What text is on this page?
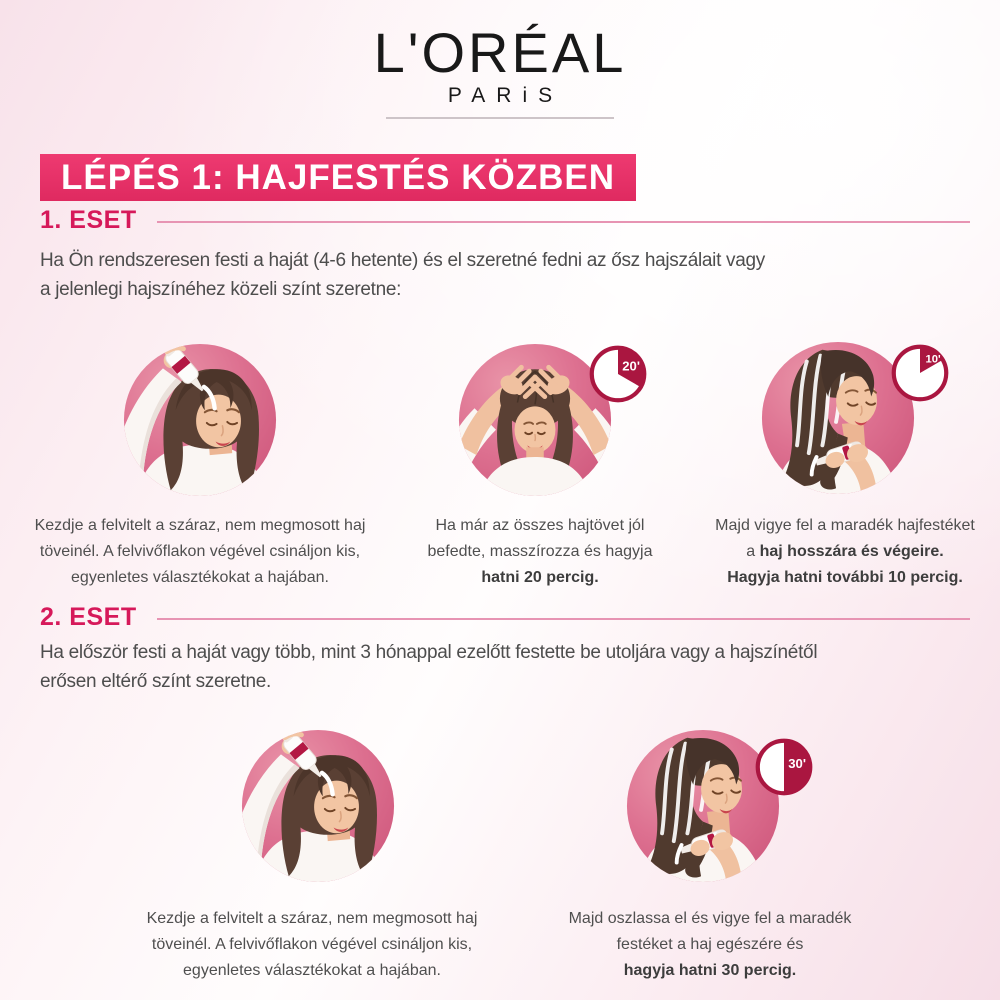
L'ORÉAL
PARiS
LÉPÉS 1: HAJFESTÉS KÖZBEN
1. ESET
Ha Ön rendszeresen festi a haját (4-6 hetente) és el szeretné fedni az ősz hajszálait vagy
a jelenlegi hajszínéhez közeli színt szeretne:
20'	10'
Kezdje a felvitelt a száraz, nem megmosott haj
töveinél. A felvivőflakon végével csináljon kis,
egyenletes választékokat a hajában.
Ha már az összes hajtövet jól
befedte, masszírozza és hagyja
hatni 20 percig.
Majd vigye fel a maradék hajfestéket
a haj hosszára és végeire.
Hagyja hatni további 10 percig.
2. ESET
Ha először festi a haját vagy több, mint 3 hónappal ezelőtt festette be utoljára vagy a hajszínétől
erősen eltérő színt szeretne.
30'
Kezdje a felvitelt a száraz, nem megmosott haj
töveinél. A felvivőflakon végével csináljon kis,
egyenletes választékokat a hajában.
Majd oszlassa el és vigye fel a maradék
festéket a haj egészére és
hagyja hatni 30 percig.
